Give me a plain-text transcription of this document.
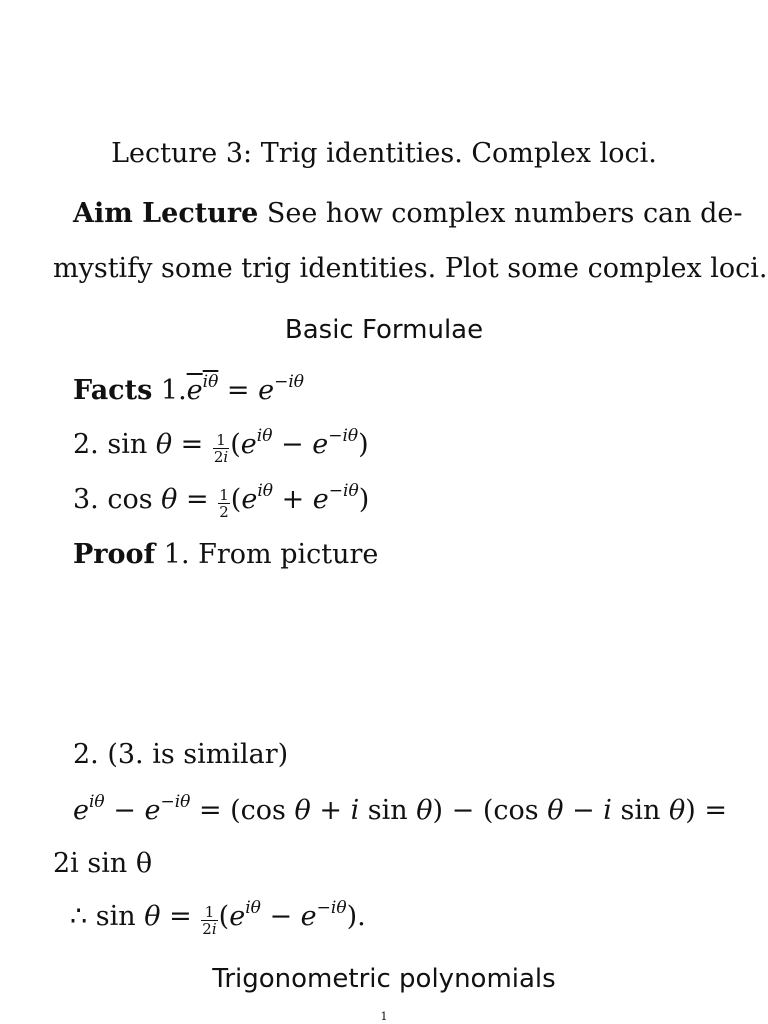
Lecture 3: Trig identities. Complex loci.
Aim Lecture See how complex numbers can de-
mystify some trig identities. Plot some complex loci.
Basic Formulae
Facts $1.e^{i\theta} = e^{-i\theta}$
2. $\sin \theta = \frac{1}{2i} (e^{i\theta} - e^{-i\theta})$
3. $\cos \theta = \frac{1}{2} (e^{i\theta} + e^{-i\theta})$
Proof 1. From picture
2. (3. is similar)
$e^{i\theta} - e^{-i\theta} = (\cos$ θ + i sin θ) − (cos θ − i sin θ) =
2i sin θ
∴ $\sin \theta = \frac{1}{2i} (e^{i\theta} - e^{-i\theta})$.
Trigonometric polynomials
1
